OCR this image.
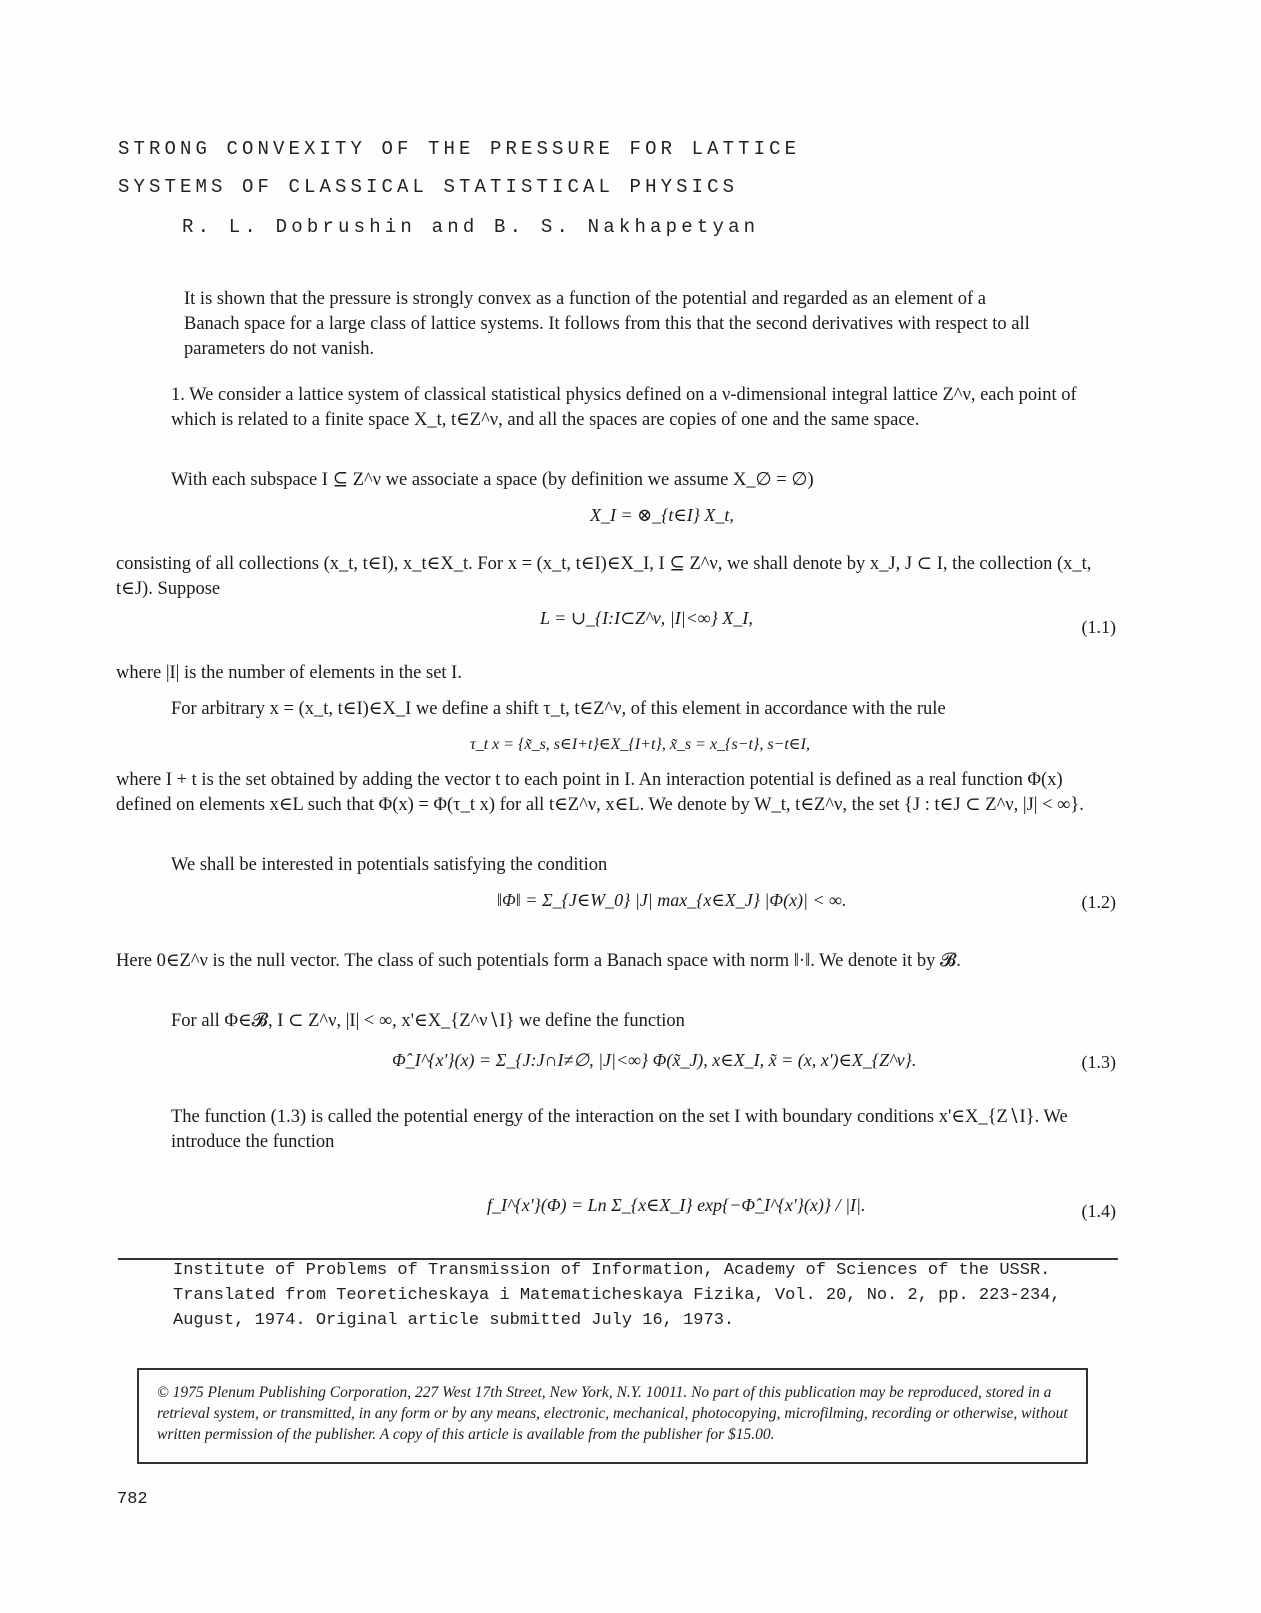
STRONG CONVEXITY OF THE PRESSURE FOR LATTICE
SYSTEMS OF CLASSICAL STATISTICAL PHYSICS
R. L. Dobrushin and B. S. Nakhapetyan
It is shown that the pressure is strongly convex as a function of the potential and regarded as an element of a Banach space for a large class of lattice systems. It follows from this that the second derivatives with respect to all parameters do not vanish.
1. We consider a lattice system of classical statistical physics defined on a ν-dimensional integral lattice Z^ν, each point of which is related to a finite space X_t, t∈Z^ν, and all the spaces are copies of one and the same space.
With each subspace I ⊆ Z^ν we associate a space (by definition we assume X_∅ = ∅)
X_I = ⊗_{t∈I} X_t,
consisting of all collections (x_t, t∈I), x_t∈X_t. For x = (x_t, t∈I)∈X_I, I ⊆ Z^ν, we shall denote by x_J, J ⊂ I, the collection (x_t, t∈J). Suppose
L = ∪_{I:I⊂Z^ν, |I|<∞} X_I,	(1.1)
where |I| is the number of elements in the set I.
For arbitrary x = (x_t, t∈I)∈X_I we define a shift τ_t, t∈Z^ν, of this element in accordance with the rule
τ_t x = {x̃_s, s∈I+t}∈X_{I+t}, x̃_s = x_{s−t}, s−t∈I,
where I + t is the set obtained by adding the vector t to each point in I. An interaction potential is defined as a real function Φ(x) defined on elements x∈L such that Φ(x) = Φ(τ_t x) for all t∈Z^ν, x∈L. We denote by W_t, t∈Z^ν, the set {J : t∈J ⊂ Z^ν, |J| < ∞}.
We shall be interested in potentials satisfying the condition
‖Φ‖ = Σ_{J∈W_0} |J| max_{x∈X_J} |Φ(x)| < ∞.	(1.2)
Here 0∈Z^ν is the null vector. The class of such potentials form a Banach space with norm ‖·‖. We denote it by 𝓑.
For all Φ∈𝓑, I ⊂ Z^ν, |I| < ∞, x'∈X_{Z^ν∖I} we define the function
Φ̂_I^{x'}(x) = Σ_{J:J∩I≠∅, |J|<∞} Φ(x̃_J), x∈X_I, x̃ = (x, x')∈X_{Z^ν}.	(1.3)
The function (1.3) is called the potential energy of the interaction on the set I with boundary conditions x'∈X_{Z∖I}. We introduce the function
f_I^{x'}(Φ) = Ln Σ_{x∈X_I} exp{−Φ̂_I^{x'}(x)} / |I|.	(1.4)
Institute of Problems of Transmission of Information, Academy of Sciences of the USSR. Translated from Teoreticheskaya i Matematicheskaya Fizika, Vol. 20, No. 2, pp. 223-234, August, 1974. Original article submitted July 16, 1973.
© 1975 Plenum Publishing Corporation, 227 West 17th Street, New York, N.Y. 10011. No part of this publication may be reproduced, stored in a retrieval system, or transmitted, in any form or by any means, electronic, mechanical, photocopying, microfilming, recording or otherwise, without written permission of the publisher. A copy of this article is available from the publisher for $15.00.
782
